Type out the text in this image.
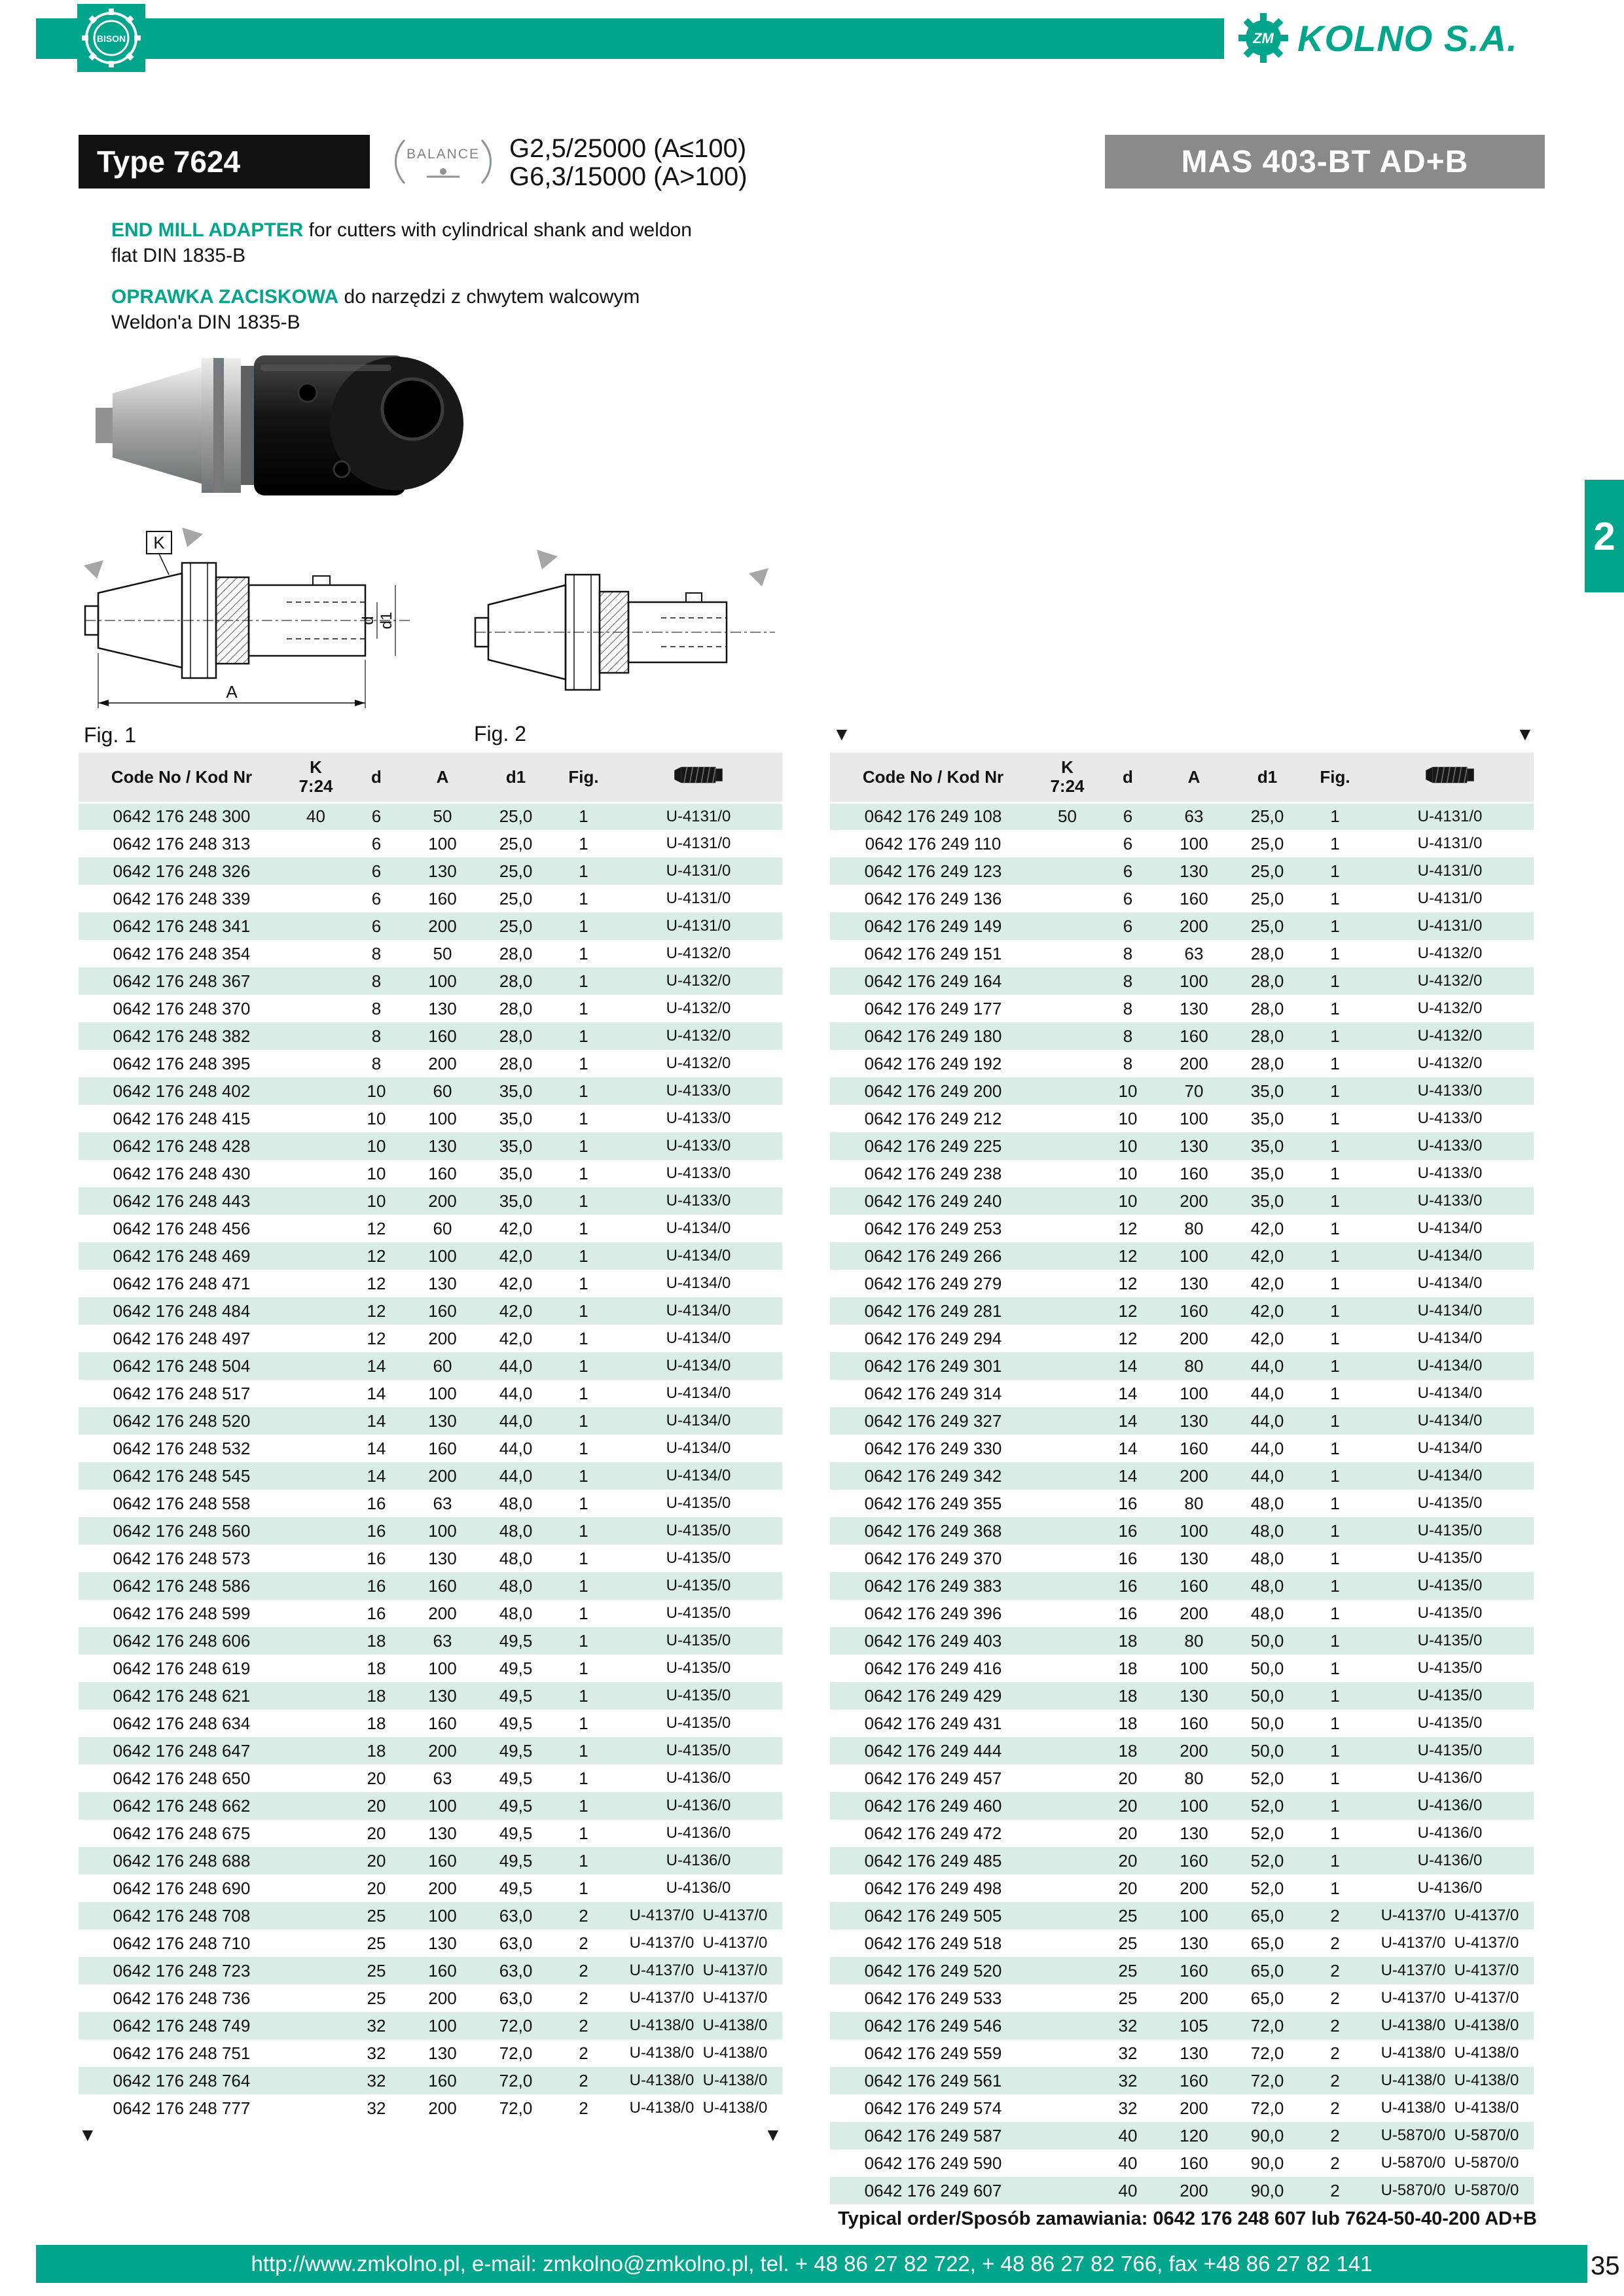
BISON	ZM KOLNO S.A.
Type 7624	BALANCE G2,5/25000 (A≤100)
G6,3/15000 (A>100)	MAS 403-BT AD+B

END MILL ADAPTER for cutters with cylindrical shank and weldon flat DIN 1835-B

OPRAWKA ZACISKOWA do narzędzi z chwytem walcowym Weldon'a DIN 1835-B

K
A
d d1
Fig. 1	Fig. 2
2
▼	▼
▼	▼
Code No / Kod Nr	K
7:24	d	A	d1	Fig.	
0642 176 248 300	40	6	50	25,0	1	U-4131/0
0642 176 248 313		6	100	25,0	1	U-4131/0
0642 176 248 326		6	130	25,0	1	U-4131/0
0642 176 248 339		6	160	25,0	1	U-4131/0
0642 176 248 341		6	200	25,0	1	U-4131/0
0642 176 248 354		8	50	28,0	1	U-4132/0
0642 176 248 367		8	100	28,0	1	U-4132/0
0642 176 248 370		8	130	28,0	1	U-4132/0
0642 176 248 382		8	160	28,0	1	U-4132/0
0642 176 248 395		8	200	28,0	1	U-4132/0
0642 176 248 402		10	60	35,0	1	U-4133/0
0642 176 248 415		10	100	35,0	1	U-4133/0
0642 176 248 428		10	130	35,0	1	U-4133/0
0642 176 248 430		10	160	35,0	1	U-4133/0
0642 176 248 443		10	200	35,0	1	U-4133/0
0642 176 248 456		12	60	42,0	1	U-4134/0
0642 176 248 469		12	100	42,0	1	U-4134/0
0642 176 248 471		12	130	42,0	1	U-4134/0
0642 176 248 484		12	160	42,0	1	U-4134/0
0642 176 248 497		12	200	42,0	1	U-4134/0
0642 176 248 504		14	60	44,0	1	U-4134/0
0642 176 248 517		14	100	44,0	1	U-4134/0
0642 176 248 520		14	130	44,0	1	U-4134/0
0642 176 248 532		14	160	44,0	1	U-4134/0
0642 176 248 545		14	200	44,0	1	U-4134/0
0642 176 248 558		16	63	48,0	1	U-4135/0
0642 176 248 560		16	100	48,0	1	U-4135/0
0642 176 248 573		16	130	48,0	1	U-4135/0
0642 176 248 586		16	160	48,0	1	U-4135/0
0642 176 248 599		16	200	48,0	1	U-4135/0
0642 176 248 606		18	63	49,5	1	U-4135/0
0642 176 248 619		18	100	49,5	1	U-4135/0
0642 176 248 621		18	130	49,5	1	U-4135/0
0642 176 248 634		18	160	49,5	1	U-4135/0
0642 176 248 647		18	200	49,5	1	U-4135/0
0642 176 248 650		20	63	49,5	1	U-4136/0
0642 176 248 662		20	100	49,5	1	U-4136/0
0642 176 248 675		20	130	49,5	1	U-4136/0
0642 176 248 688		20	160	49,5	1	U-4136/0
0642 176 248 690		20	200	49,5	1	U-4136/0
0642 176 248 708		25	100	63,0	2	U-4137/0  U-4137/0
0642 176 248 710		25	130	63,0	2	U-4137/0  U-4137/0
0642 176 248 723		25	160	63,0	2	U-4137/0  U-4137/0
0642 176 248 736		25	200	63,0	2	U-4137/0  U-4137/0
0642 176 248 749		32	100	72,0	2	U-4138/0  U-4138/0
0642 176 248 751		32	130	72,0	2	U-4138/0  U-4138/0
0642 176 248 764		32	160	72,0	2	U-4138/0  U-4138/0
0642 176 248 777		32	200	72,0	2	U-4138/0  U-4138/0
Code No / Kod Nr	K
7:24	d	A	d1	Fig.	
0642 176 249 108	50	6	63	25,0	1	U-4131/0
0642 176 249 110		6	100	25,0	1	U-4131/0
0642 176 249 123		6	130	25,0	1	U-4131/0
0642 176 249 136		6	160	25,0	1	U-4131/0
0642 176 249 149		6	200	25,0	1	U-4131/0
0642 176 249 151		8	63	28,0	1	U-4132/0
0642 176 249 164		8	100	28,0	1	U-4132/0
0642 176 249 177		8	130	28,0	1	U-4132/0
0642 176 249 180		8	160	28,0	1	U-4132/0
0642 176 249 192		8	200	28,0	1	U-4132/0
0642 176 249 200		10	70	35,0	1	U-4133/0
0642 176 249 212		10	100	35,0	1	U-4133/0
0642 176 249 225		10	130	35,0	1	U-4133/0
0642 176 249 238		10	160	35,0	1	U-4133/0
0642 176 249 240		10	200	35,0	1	U-4133/0
0642 176 249 253		12	80	42,0	1	U-4134/0
0642 176 249 266		12	100	42,0	1	U-4134/0
0642 176 249 279		12	130	42,0	1	U-4134/0
0642 176 249 281		12	160	42,0	1	U-4134/0
0642 176 249 294		12	200	42,0	1	U-4134/0
0642 176 249 301		14	80	44,0	1	U-4134/0
0642 176 249 314		14	100	44,0	1	U-4134/0
0642 176 249 327		14	130	44,0	1	U-4134/0
0642 176 249 330		14	160	44,0	1	U-4134/0
0642 176 249 342		14	200	44,0	1	U-4134/0
0642 176 249 355		16	80	48,0	1	U-4135/0
0642 176 249 368		16	100	48,0	1	U-4135/0
0642 176 249 370		16	130	48,0	1	U-4135/0
0642 176 249 383		16	160	48,0	1	U-4135/0
0642 176 249 396		16	200	48,0	1	U-4135/0
0642 176 249 403		18	80	50,0	1	U-4135/0
0642 176 249 416		18	100	50,0	1	U-4135/0
0642 176 249 429		18	130	50,0	1	U-4135/0
0642 176 249 431		18	160	50,0	1	U-4135/0
0642 176 249 444		18	200	50,0	1	U-4135/0
0642 176 249 457		20	80	52,0	1	U-4136/0
0642 176 249 460		20	100	52,0	1	U-4136/0
0642 176 249 472		20	130	52,0	1	U-4136/0
0642 176 249 485		20	160	52,0	1	U-4136/0
0642 176 249 498		20	200	52,0	1	U-4136/0
0642 176 249 505		25	100	65,0	2	U-4137/0  U-4137/0
0642 176 249 518		25	130	65,0	2	U-4137/0  U-4137/0
0642 176 249 520		25	160	65,0	2	U-4137/0  U-4137/0
0642 176 249 533		25	200	65,0	2	U-4137/0  U-4137/0
0642 176 249 546		32	105	72,0	2	U-4138/0  U-4138/0
0642 176 249 559		32	130	72,0	2	U-4138/0  U-4138/0
0642 176 249 561		32	160	72,0	2	U-4138/0  U-4138/0
0642 176 249 574		32	200	72,0	2	U-4138/0  U-4138/0
0642 176 249 587		40	120	90,0	2	U-5870/0  U-5870/0
0642 176 249 590		40	160	90,0	2	U-5870/0  U-5870/0
0642 176 249 607		40	200	90,0	2	U-5870/0  U-5870/0
Typical order/Sposób zamawiania: 0642 176 248 607 lub 7624-50-40-200 AD+B
http://www.zmkolno.pl, e-mail: zmkolno@zmkolno.pl, tel. + 48 86 27 82 722, + 48 86 27 82 766, fax +48 86 27 82 141	35
